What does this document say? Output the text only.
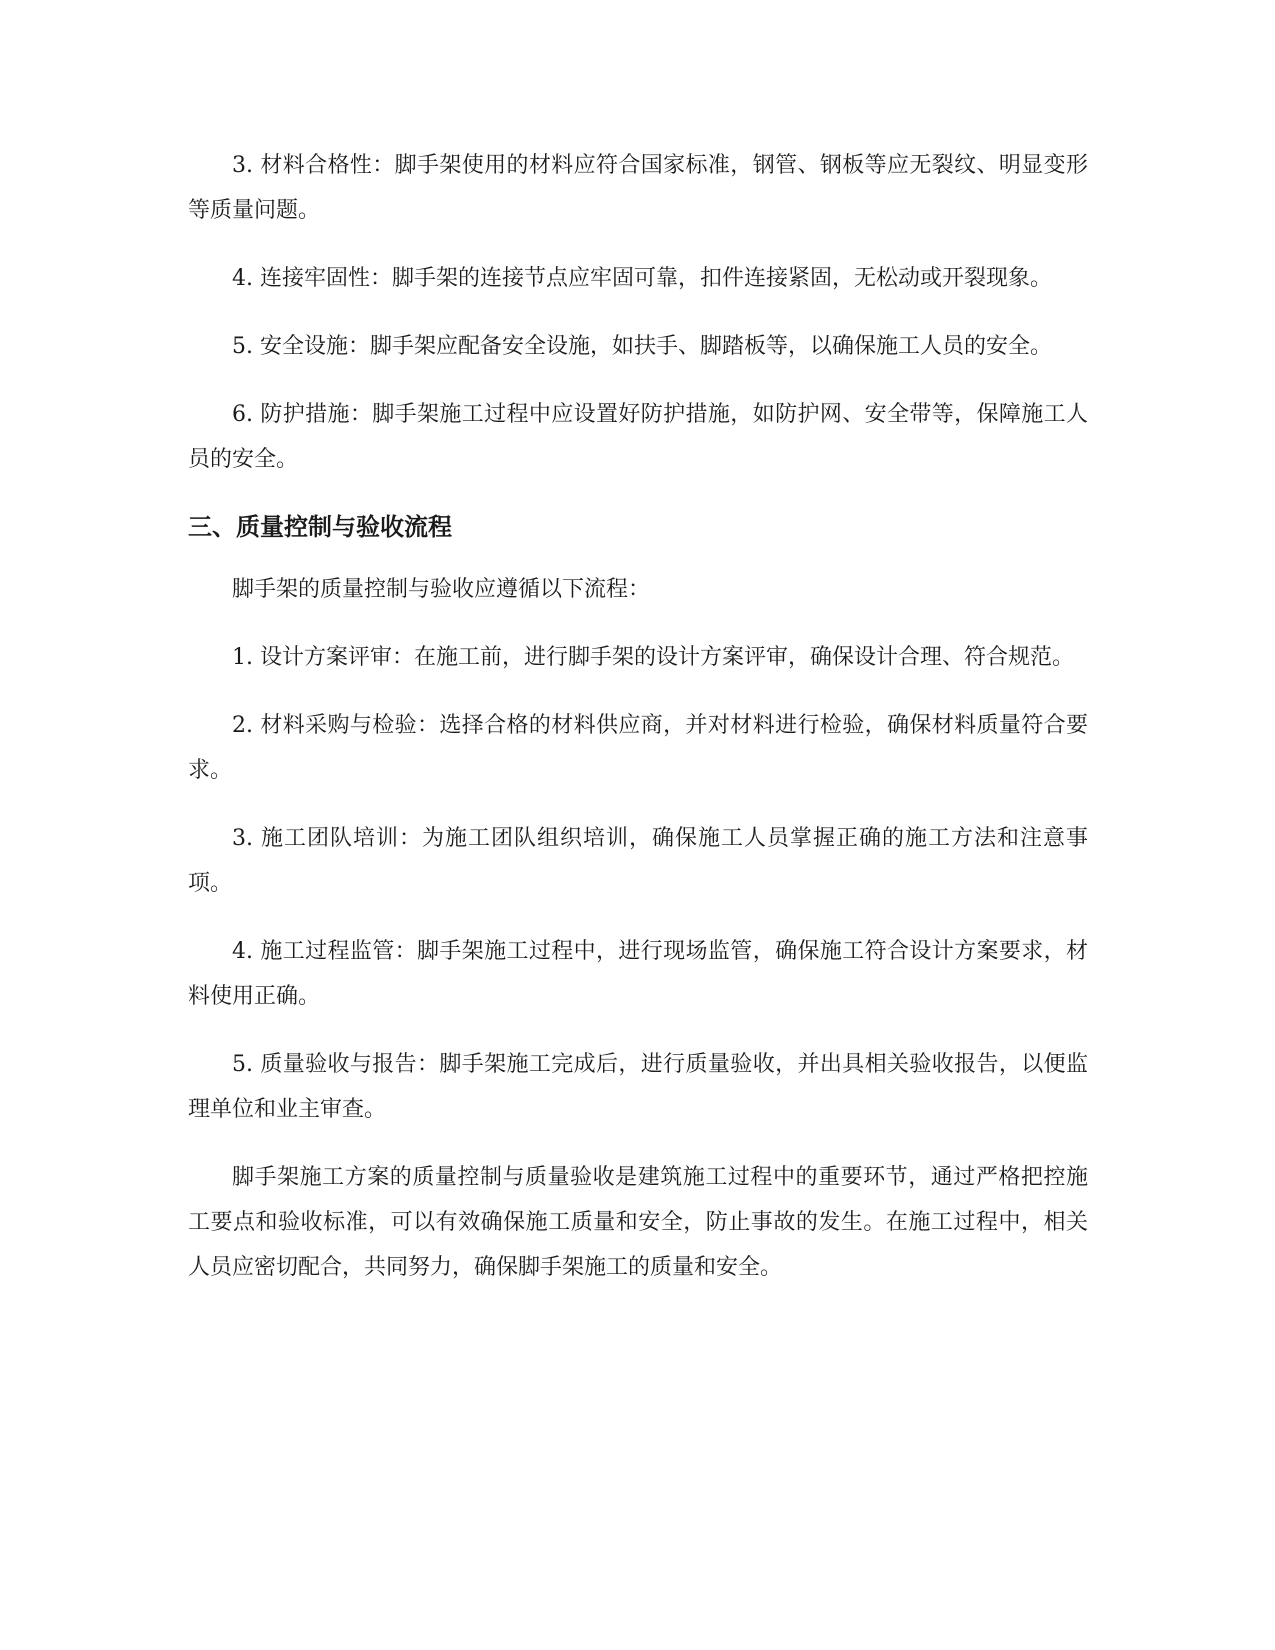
3. 材料合格性：脚手架使用的材料应符合国家标准，钢管、钢板等应无裂纹、明显变形等质量问题。

4. 连接牢固性：脚手架的连接节点应牢固可靠，扣件连接紧固，无松动或开裂现象。

5. 安全设施：脚手架应配备安全设施，如扶手、脚踏板等，以确保施工人员的安全。

6. 防护措施：脚手架施工过程中应设置好防护措施，如防护网、安全带等，保障施工人员的安全。

三、质量控制与验收流程

脚手架的质量控制与验收应遵循以下流程：

1. 设计方案评审：在施工前，进行脚手架的设计方案评审，确保设计合理、符合规范。

2. 材料采购与检验：选择合格的材料供应商，并对材料进行检验，确保材料质量符合要求。

3. 施工团队培训：为施工团队组织培训，确保施工人员掌握正确的施工方法和注意事项。

4. 施工过程监管：脚手架施工过程中，进行现场监管，确保施工符合设计方案要求，材料使用正确。

5. 质量验收与报告：脚手架施工完成后，进行质量验收，并出具相关验收报告，以便监理单位和业主审查。

脚手架施工方案的质量控制与质量验收是建筑施工过程中的重要环节，通过严格把控施工要点和验收标准，可以有效确保施工质量和安全，防止事故的发生。在施工过程中，相关人员应密切配合，共同努力，确保脚手架施工的质量和安全。
